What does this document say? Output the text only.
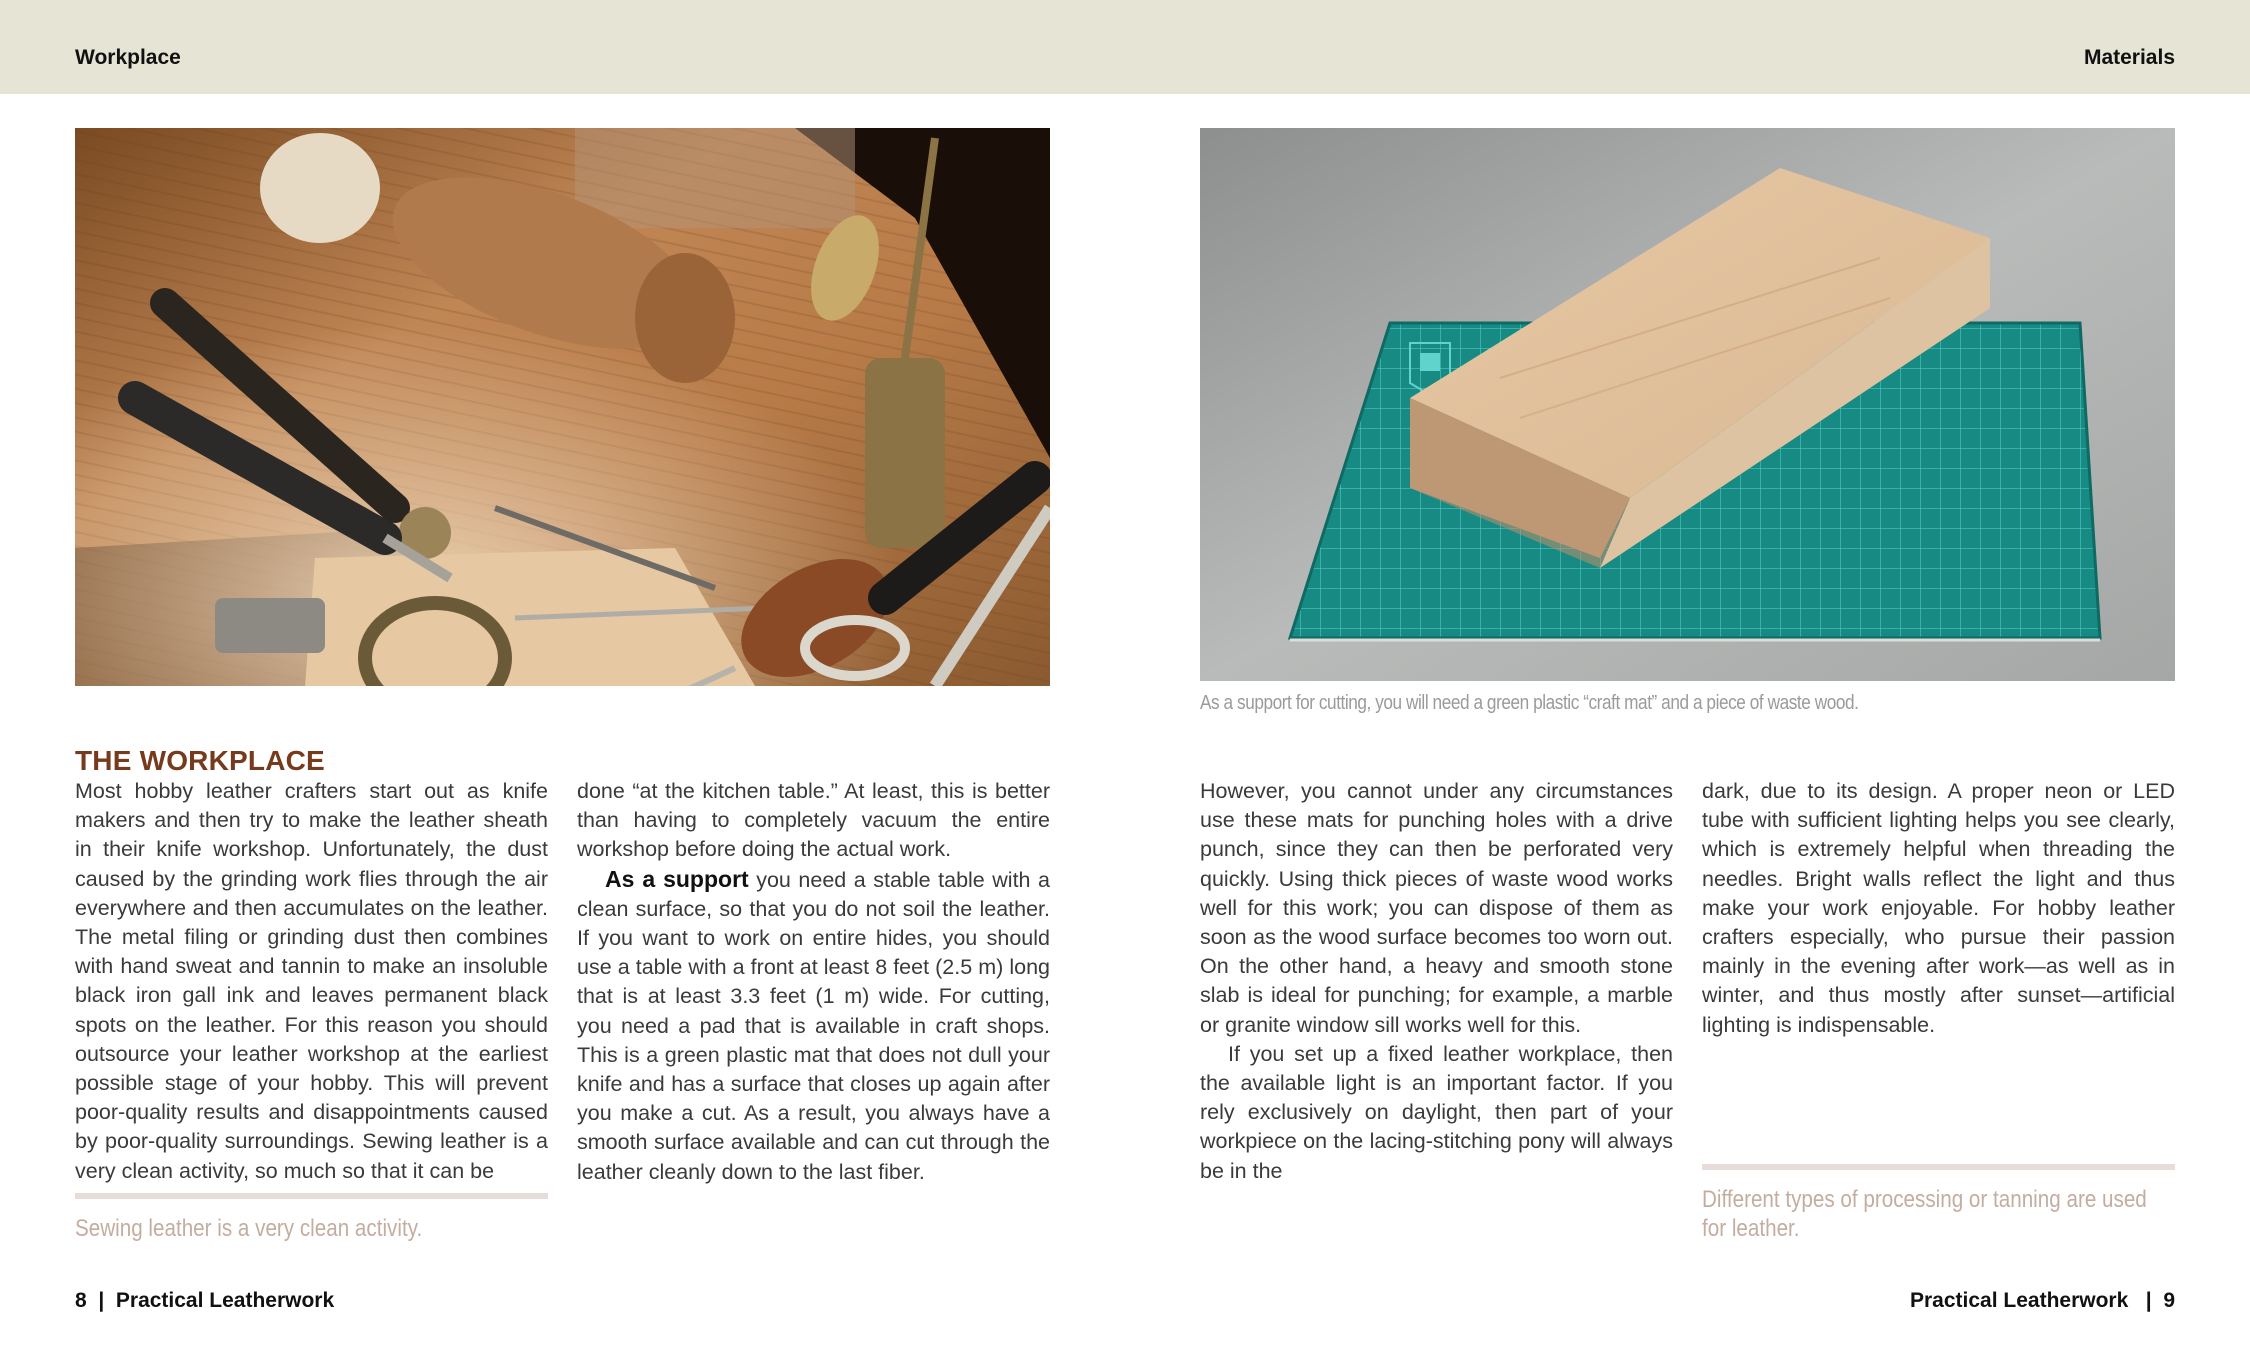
Workplace	Materials
As a support for cutting, you will need a green plastic “craft mat” and a piece of waste wood.
THE WORKPLACE

Most hobby leather crafters start out as knife makers and then try to make the leather sheath in their knife workshop. Unfortunately, the dust caused by the grinding work flies through the air everywhere and then accumulates on the leather. The metal filing or grinding dust then combines with hand sweat and tannin to make an insoluble black iron gall ink and leaves permanent black spots on the leather. For this reason you should outsource your leather workshop at the earliest possible stage of your hobby. This will prevent poor-quality results and disappointments caused by poor-quality surroundings. Sewing leather is a very clean activity, so much so that it can be

done “at the kitchen table.” At least, this is better than having to completely vacuum the entire workshop before doing the actual work.

As a support you need a stable table with a clean surface, so that you do not soil the leather. If you want to work on entire hides, you should use a table with a front at least 8 feet (2.5 m) long that is at least 3.3 feet (1 m) wide. For cutting, you need a pad that is available in craft shops. This is a green plastic mat that does not dull your knife and has a surface that closes up again after you make a cut. As a result, you always have a smooth surface available and can cut through the leather cleanly down to the last fiber.

However, you cannot under any circumstances use these mats for punching holes with a drive punch, since they can then be perforated very quickly. Using thick pieces of waste wood works well for this work; you can dispose of them as soon as the wood surface becomes too worn out. On the other hand, a heavy and smooth stone slab is ideal for punching; for example, a marble or granite window sill works well for this.

If you set up a fixed leather workplace, then the available light is an important factor. If you rely exclusively on daylight, then part of your workpiece on the lacing-stitching pony will always be in the

dark, due to its design. A proper neon or LED tube with sufficient lighting helps you see clearly, which is extremely helpful when threading the needles. Bright walls reflect the light and thus make your work enjoyable. For hobby leather crafters especially, who pursue their passion mainly in the evening after work—as well as in winter, and thus mostly after sunset—artificial lighting is indispensable.

Sewing leather is a very clean activity.
Different types of processing or tanning are used for leather.
8  |  Practical Leatherwork	Practical Leatherwork   |  9
